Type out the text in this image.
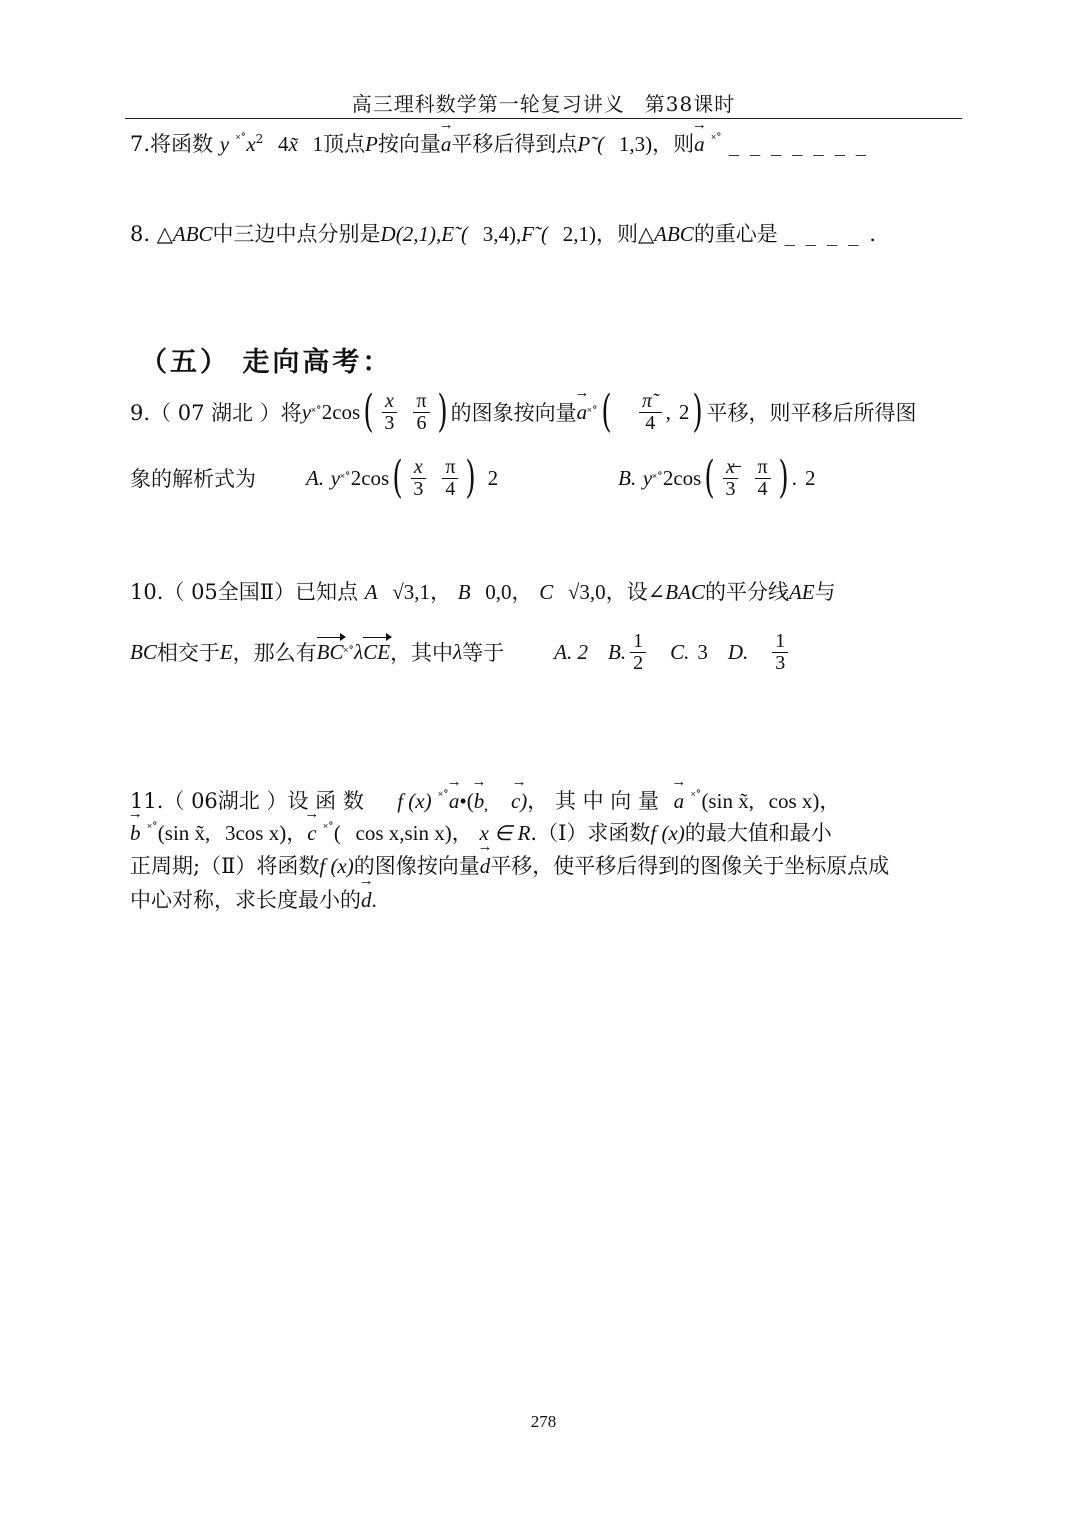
高三理科数学第一轮复习讲义 第38课时
7.将函数 y $^{˟˚}x^2$ 4x̃ 1顶点P按向量→ a平移后得到点P˜( 1,3)，则→ a ˟˚ _ _ _ _ _ _ _
8. △ABC中三边中点分别是D(2,1),E˜( 3,4),F˜( 2,1)，则△ABC的重心是 _ _ _ _ .
（五） 走向高考：
9.（ 07 湖北 ）将 y ˟˚ 2cos ( $\frac{x}{3} \frac{\pi}{6}$ ) 的图象按向量 → a ˟˚ ( $\frac{\pi˜}{4}$ , 2 ) 平移，则平移后所得图
象的解析式为 A.
y ˟˚ 2cos ( $\frac{x}{3} \frac{\pi}{4}$ ) 2	B.
y ˟˚ 2cos ( $\frac{x̶}{3} \frac{\pi}{4}$ ) . 2
10.（ 05全国Ⅱ）已知点 A √3,1， B 0,0， C √3,0，设∠BAC的平分线AE与
BC 相交于 E ，那么有 BC ˟˚ λ CE ，其中 λ 等于 A. 2 B. $\frac{1}{2} C$. 3 D. $\frac{1}{3}$
11.（ 06湖北 ）设 函 数 f (x) ˟˚→ a•(→ b̦ → c)， 其 中 向 量 → a ˟˚(sin x̃, cos x)，
→ b ˟˚(sin x̃, 3cos x)，→ c ˟˚( cos x,sin x)， x ∈ R.（Ⅰ）求函数f (x)的最大值和最小
正周期;（Ⅱ）将函数f (x)的图像按向量→ d平移，使平移后得到的图像关于坐标原点成
中心对称，求长度最小的→ d.
278
